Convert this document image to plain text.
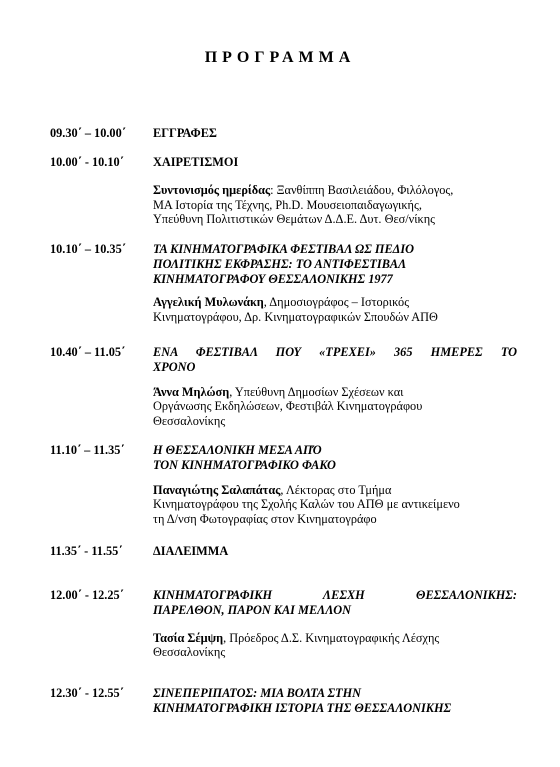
ΠΡΟΓΡΑΜΜΑ
09.30΄ – 10.00΄ ΕΓΓΡΑΦΕΣ
10.00΄ - 10.10΄ ΧΑΙΡΕΤΙΣΜΟΙ
Συντονισμός ημερίδας: Ξανθίππη Βασιλειάδου, Φιλόλογος,
ΜΑ Ιστορία της Τέχνης, Ph.D. Μουσειοπαιδαγωγικής,
Υπεύθυνη Πολιτιστικών Θεμάτων Δ.Δ.Ε. Δυτ. Θεσ/νίκης
10.10΄ – 10.35΄ ΤΑ ΚΙΝΗΜΑΤΟΓΡΑΦΙΚΑ ΦΕΣΤΙΒΑΛ ΩΣ ΠΕΔΙΟ
ΠΟΛΙΤΙΚΗΣ ΕΚΦΡΑΣΗΣ: ΤΟ ΑΝΤΙΦΕΣΤΙΒΑΛ
ΚΙΝΗΜΑΤΟΓΡΑΦΟΥ ΘΕΣΣΑΛΟΝΙΚΗΣ 1977
Αγγελική Μυλωνάκη, Δημοσιογράφος – Ιστορικός
Κινηματογράφου, Δρ. Κινηματογραφικών Σπουδών ΑΠΘ
10.40΄ – 11.05΄ ΕΝΑ ΦΕΣΤΙΒΑΛ ΠΟΥ «ΤΡΕΧΕΙ» 365 ΗΜΕΡΕΣ ΤΟ
ΧΡΟΝΟ
Άννα Μηλώση, Υπεύθυνη Δημοσίων Σχέσεων και
Οργάνωσης Εκδηλώσεων, Φεστιβάλ Κινηματογράφου
Θεσσαλονίκης
11.10΄ – 11.35΄ Η ΘΕΣΣΑΛΟΝΙΚΗ ΜΕΣΑ ΑΠΌ
ΤΟΝ ΚΙΝΗΜΑΤΟΓΡΑΦΙΚΟ ΦΑΚΟ
Παναγιώτης Σαλαπάτας, Λέκτορας στο Τμήμα
Κινηματογράφου της Σχολής Καλών του ΑΠΘ με αντικείμενο
τη Δ/νση Φωτογραφίας στον Κινηματογράφο
11.35΄ - 11.55΄ ΔΙΑΛΕΙΜΜΑ
12.00΄ - 12.25΄ ΚΙΝΗΜΑΤΟΓΡΑΦΙΚΗ ΛΕΣΧΗ ΘΕΣΣΑΛΟΝΙΚΗΣ:
ΠΑΡΕΛΘΟΝ, ΠΑΡΟΝ ΚΑΙ ΜΕΛΛΟΝ
Τασία Σέμψη, Πρόεδρος Δ.Σ. Κινηματογραφικής Λέσχης
Θεσσαλονίκης
12.30΄ - 12.55΄ ΣΙΝΕΠΕΡΙΠΑΤΟΣ: ΜΙΑ ΒΟΛΤΑ ΣΤΗΝ
ΚΙΝΗΜΑΤΟΓΡΑΦΙΚΗ ΙΣΤΟΡΙΑ ΤΗΣ ΘΕΣΣΑΛΟΝΙΚΗΣ
